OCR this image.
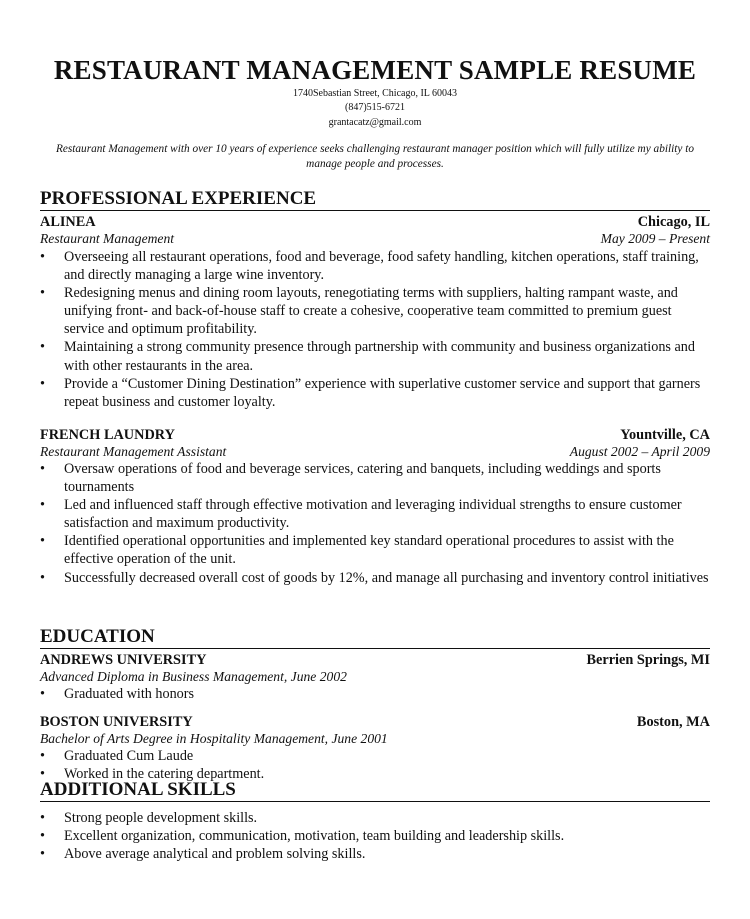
RESTAURANT MANAGEMENT SAMPLE RESUME
1740Sebastian Street, Chicago, IL 60043
(847)515-6721
grantacatz@gmail.com
Restaurant Management with over 10 years of experience seeks challenging restaurant manager position which will fully utilize my ability to manage people and processes.
PROFESSIONAL EXPERIENCE
ALINEA	Chicago, IL
Restaurant Management	May 2009 – Present
• Overseeing all restaurant operations, food and beverage, food safety handling, kitchen operations, staff training, and directly managing a large wine inventory.
• Redesigning menus and dining room layouts, renegotiating terms with suppliers, halting rampant waste, and unifying front- and back-of-house staff to create a cohesive, cooperative team committed to premium guest service and optimum profitability.
• Maintaining a strong community presence through partnership with community and business organizations and with other restaurants in the area.
• Provide a “Customer Dining Destination” experience with superlative customer service and support that garners repeat business and customer loyalty.
FRENCH LAUNDRY	Yountville, CA
Restaurant Management Assistant	August 2002 – April 2009
• Oversaw operations of food and beverage services, catering and banquets, including weddings and sports tournaments
• Led and influenced staff through effective motivation and leveraging individual strengths to ensure customer satisfaction and maximum productivity.
• Identified operational opportunities and implemented key standard operational procedures to assist with the effective operation of the unit.
• Successfully decreased overall cost of goods by 12%, and manage all purchasing and inventory control initiatives
EDUCATION
ANDREWS UNIVERSITY	Berrien Springs, MI
Advanced Diploma in Business Management, June 2002
• Graduated with honors
BOSTON UNIVERSITY	Boston, MA
Bachelor of Arts Degree in Hospitality Management, June 2001
• Graduated Cum Laude
• Worked in the catering department.
ADDITIONAL SKILLS
• Strong people development skills.
• Excellent organization, communication, motivation, team building and leadership skills.
• Above average analytical and problem solving skills.
